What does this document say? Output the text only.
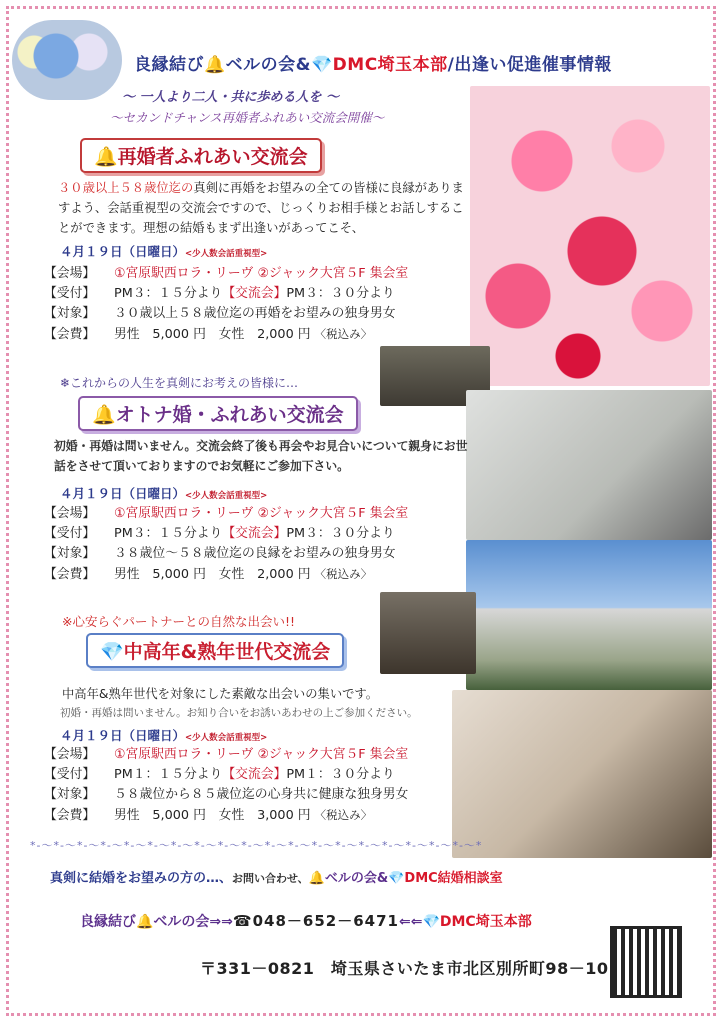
良縁結び🔔ベルの会&💎DMC埼玉本部/出逢い促進催事情報
～ 一人より二人・共に歩める人を ～
～セカンドチャンス再婚者ふれあい交流会開催～
🔔再婚者ふれあい交流会
３０歳以上５８歳位迄の真剣に再婚をお望みの全ての皆様に良縁がありますよう、会話重視型の交流会ですので、じっくりお相手様とお話しすることができます。理想の結婚もまず出逢いがあってこそ、
４月１９日（日曜日）<少人数会話重視型>
【会場】 ①宮原駅西ロラ・リーヴ ②ジャック大宮５F 集会室
【受付】 PM３：１５分より【交流会】PM３：３０分より
【対象】 ３０歳以上５８歳位迄の再婚をお望みの独身男女
【会費】 男性　5,000 円　女性　2,000 円 〈税込み〉
❄これからの人生を真剣にお考えの皆様に…
🔔オトナ婚・ふれあい交流会
初婚・再婚は問いません。交流会終了後も再会やお見合いについて親身にお世話をさせて頂いておりますのでお気軽にご参加下さい。
４月１９日（日曜日）<少人数会話重視型>
【会場】 ①宮原駅西ロラ・リーヴ ②ジャック大宮５F 集会室
【受付】 PM３：１５分より【交流会】PM３：３０分より
【対象】 ３８歳位～５８歳位迄の良縁をお望みの独身男女
【会費】 男性　5,000 円　女性　2,000 円 〈税込み〉
※心安らぐパートナーとの自然な出会い!!
💎中高年&熟年世代交流会
中高年&熟年世代を対象にした素敵な出会いの集いです。
初婚・再婚は問いません。お知り合いをお誘いあわせの上ご参加ください。
４月１９日（日曜日）<少人数会話重視型>
【会場】 ①宮原駅西ロラ・リーヴ ②ジャック大宮５F 集会室
【受付】 PM１：１５分より【交流会】PM１：３０分より
【対象】 ５８歳位から８５歳位迄の心身共に健康な独身男女
【会費】 男性　5,000 円　女性　3,000 円 〈税込み〉
*-～*-～*-～*-～*-～*-～*-～*-～*-～*-～*-～*-～*-～*-～*-～*-～*-～*-～*-～*
真剣に結婚をお望みの方の…、お問い合わせ、🔔ベルの会&💎DMC結婚相談室
良縁結び🔔ベルの会⇒⇒☎048－652－6471⇐⇐💎DMC埼玉本部
〒331－0821　埼玉県さいたま市北区別所町98－10
